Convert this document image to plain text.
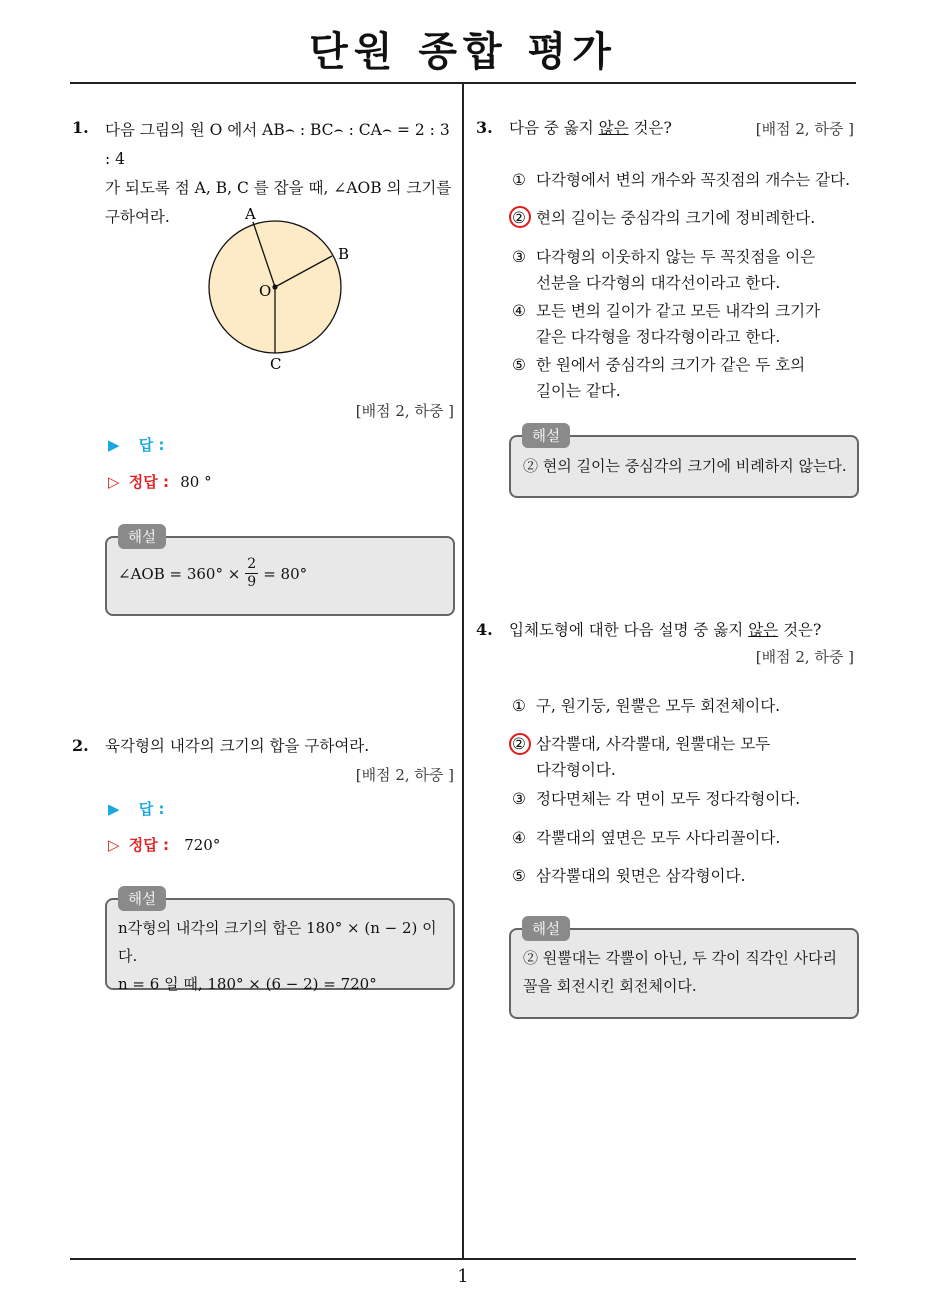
단원 종합 평가
1
1. 다음 그림의 원 O 에서 AB⌢ : BC⌢ : CA⌢ = 2 : 3 : 4
가 되도록 점 A, B, C 를 잡을 때, ∠AOB 의 크기를
구하여라.	A
B
C
O
[배점 2, 하중 ]
▶ 답 :
▷ 정답 : 80 °
해설
∠AOB = $360^\circ \times \frac{2}{9} = 80^\circ$
2. 육각형의 내각의 크기의 합을 구하여라.
[배점 2, 하중 ]
▶ 답 :
▷ 정답 : 720°
해설
n각형의 내각의 크기의 합은 180° × (n − 2) 이다.
n = 6 일 때, 180° × (6 − 2) = 720°
3. 다음 중 옳지 않은 것은?	[배점 2, 하중 ]
① 다각형에서 변의 개수와 꼭짓점의 개수는 같다.
② 현의 길이는 중심각의 크기에 정비례한다.
③ 다각형의 이웃하지 않는 두 꼭짓점을 이은
선분을 다각형의 대각선이라고 한다.
④ 모든 변의 길이가 같고 모든 내각의 크기가
같은 다각형을 정다각형이라고 한다.
⑤ 한 원에서 중심각의 크기가 같은 두 호의
길이는 같다.
해설
② 현의 길이는 중심각의 크기에 비례하지 않는다.
4. 입체도형에 대한 다음 설명 중 옳지 않은 것은?
[배점 2, 하중 ]
① 구, 원기둥, 원뿔은 모두 회전체이다.
② 삼각뿔대, 사각뿔대, 원뿔대는 모두
다각형이다.
③ 정다면체는 각 면이 모두 정다각형이다.
④ 각뿔대의 옆면은 모두 사다리꼴이다.
⑤ 삼각뿔대의 윗면은 삼각형이다.
해설
② 원뿔대는 각뿔이 아닌, 두 각이 직각인 사다리
꼴을 회전시킨 회전체이다.
